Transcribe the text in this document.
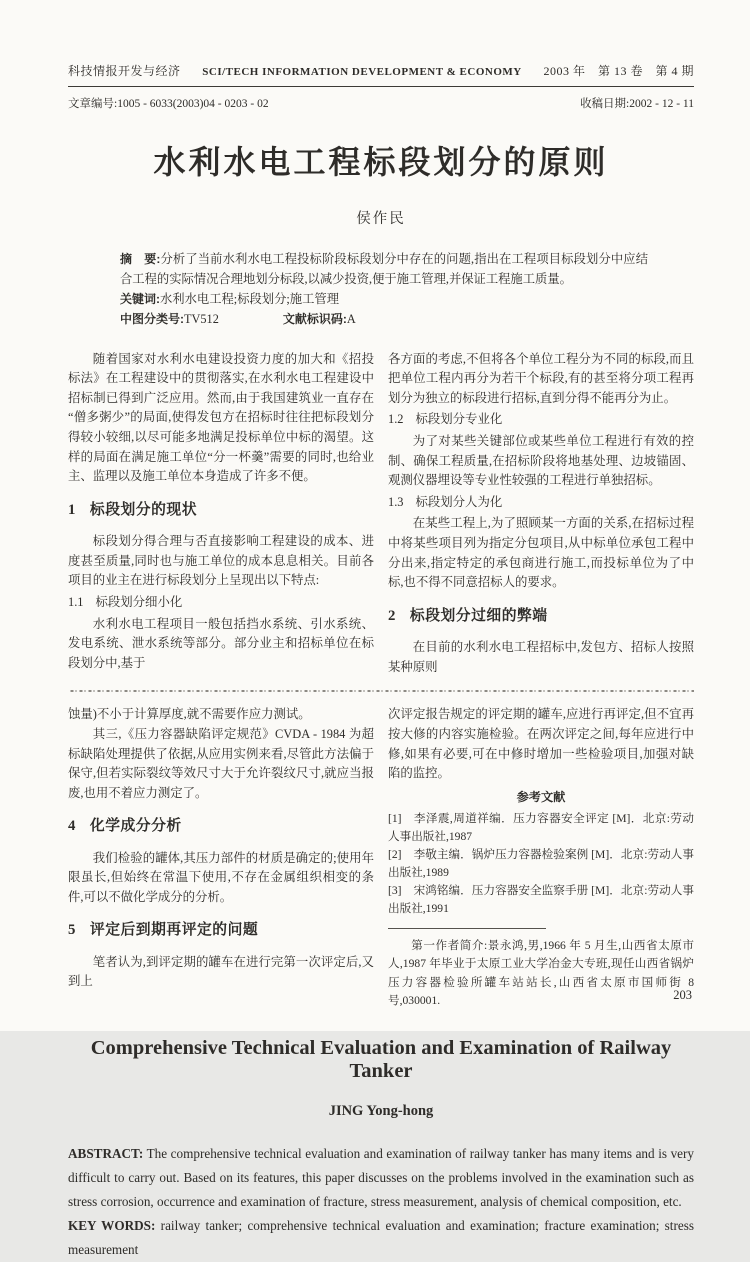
科技情报开发与经济 SCI/TECH INFORMATION DEVELOPMENT & ECONOMY 2003 年　第 13 卷　第 4 期
文章编号:1005 - 6033(2003)04 - 0203 - 02	收稿日期:2002 - 12 - 11
水利水电工程标段划分的原则
侯作民

摘　要:分析了当前水利水电工程投标阶段标段划分中存在的问题,指出在工程项目标段划分中应结合工程的实际情况合理地划分标段,以减少投资,便于施工管理,并保证工程施工质量。

关键词:水利水电工程;标段划分;施工管理

中图分类号:TV512	文献标识码:A

随着国家对水利水电建设投资力度的加大和《招投标法》在工程建设中的贯彻落实,在水利水电工程建设中招标制已得到广泛应用。然而,由于我国建筑业一直存在“僧多粥少”的局面,使得发包方在招标时往往把标段划分得较小较细,以尽可能多地满足投标单位中标的渴望。这样的局面在满足施工单位“分一杯羹”需要的同时,也给业主、监理以及施工单位本身造成了许多不便。

1 标段划分的现状

标段划分得合理与否直接影响工程建设的成本、进度甚至质量,同时也与施工单位的成本息息相关。目前各项目的业主在进行标段划分上呈现出以下特点:

1.1 标段划分细小化

水利水电工程项目一般包括挡水系统、引水系统、发电系统、泄水系统等部分。部分业主和招标单位在标段划分中,基于

各方面的考虑,不但将各个单位工程分为不同的标段,而且把单位工程内再分为若干个标段,有的甚至将分项工程再划分为独立的标段进行招标,直到分得不能再分为止。

1.2 标段划分专业化

为了对某些关键部位或某些单位工程进行有效的控制、确保工程质量,在招标阶段将地基处理、边坡锚固、观测仪器埋设等专业性较强的工程进行单独招标。

1.3 标段划分人为化

在某些工程上,为了照顾某一方面的关系,在招标过程中将某些项目列为指定分包项目,从中标单位承包工程中分出来,指定特定的承包商进行施工,而投标单位为了中标,也不得不同意招标人的要求。

2 标段划分过细的弊端

在目前的水利水电工程招标中,发包方、招标人按照某种原则

蚀量)不小于计算厚度,就不需要作应力测试。

其三,《压力容器缺陷评定规范》CVDA - 1984 为超标缺陷处理提供了依据,从应用实例来看,尽管此方法偏于保守,但若实际裂纹等效尺寸大于允许裂纹尺寸,就应当报废,也用不着应力测定了。

4 化学成分分析

我们检验的罐体,其压力部件的材质是确定的;使用年限虽长,但始终在常温下使用,不存在金属组织相变的条件,可以不做化学成分的分析。

5 评定后到期再评定的问题

笔者认为,到评定期的罐车在进行完第一次评定后,又到上

次评定报告规定的评定期的罐车,应进行再评定,但不宜再按大修的内容实施检验。在两次评定之间,每年应进行中修,如果有必要,可在中修时增加一些检验项目,加强对缺陷的监控。

参考文献

[1] 李泽震,周道祥编．压力容器安全评定 [M]．北京:劳动人事出版社,1987

[2] 李敬主编．锅炉压力容器检验案例 [M]．北京:劳动人事出版社,1989

[3] 宋鸿铭编．压力容器安全监察手册 [M]．北京:劳动人事出版社,1991

第一作者简介:景永鸿,男,1966 年 5 月生,山西省太原市人,1987 年毕业于太原工业大学冶金大专班,现任山西省锅炉压力容器检验所罐车站站长,山西省太原市国师街 8 号,030001.

Comprehensive Technical Evaluation and Examination of Railway Tanker
JING Yong-hong

ABSTRACT: The comprehensive technical evaluation and examination of railway tanker has many items and is very difficult to carry out. Based on its features, this paper discusses on the problems involved in the examination such as stress corrosion, occurrence and examination of fracture, stress measurement, analysis of chemical composition, etc.

KEY WORDS: railway tanker; comprehensive technical evaluation and examination; fracture examination; stress measurement

203
